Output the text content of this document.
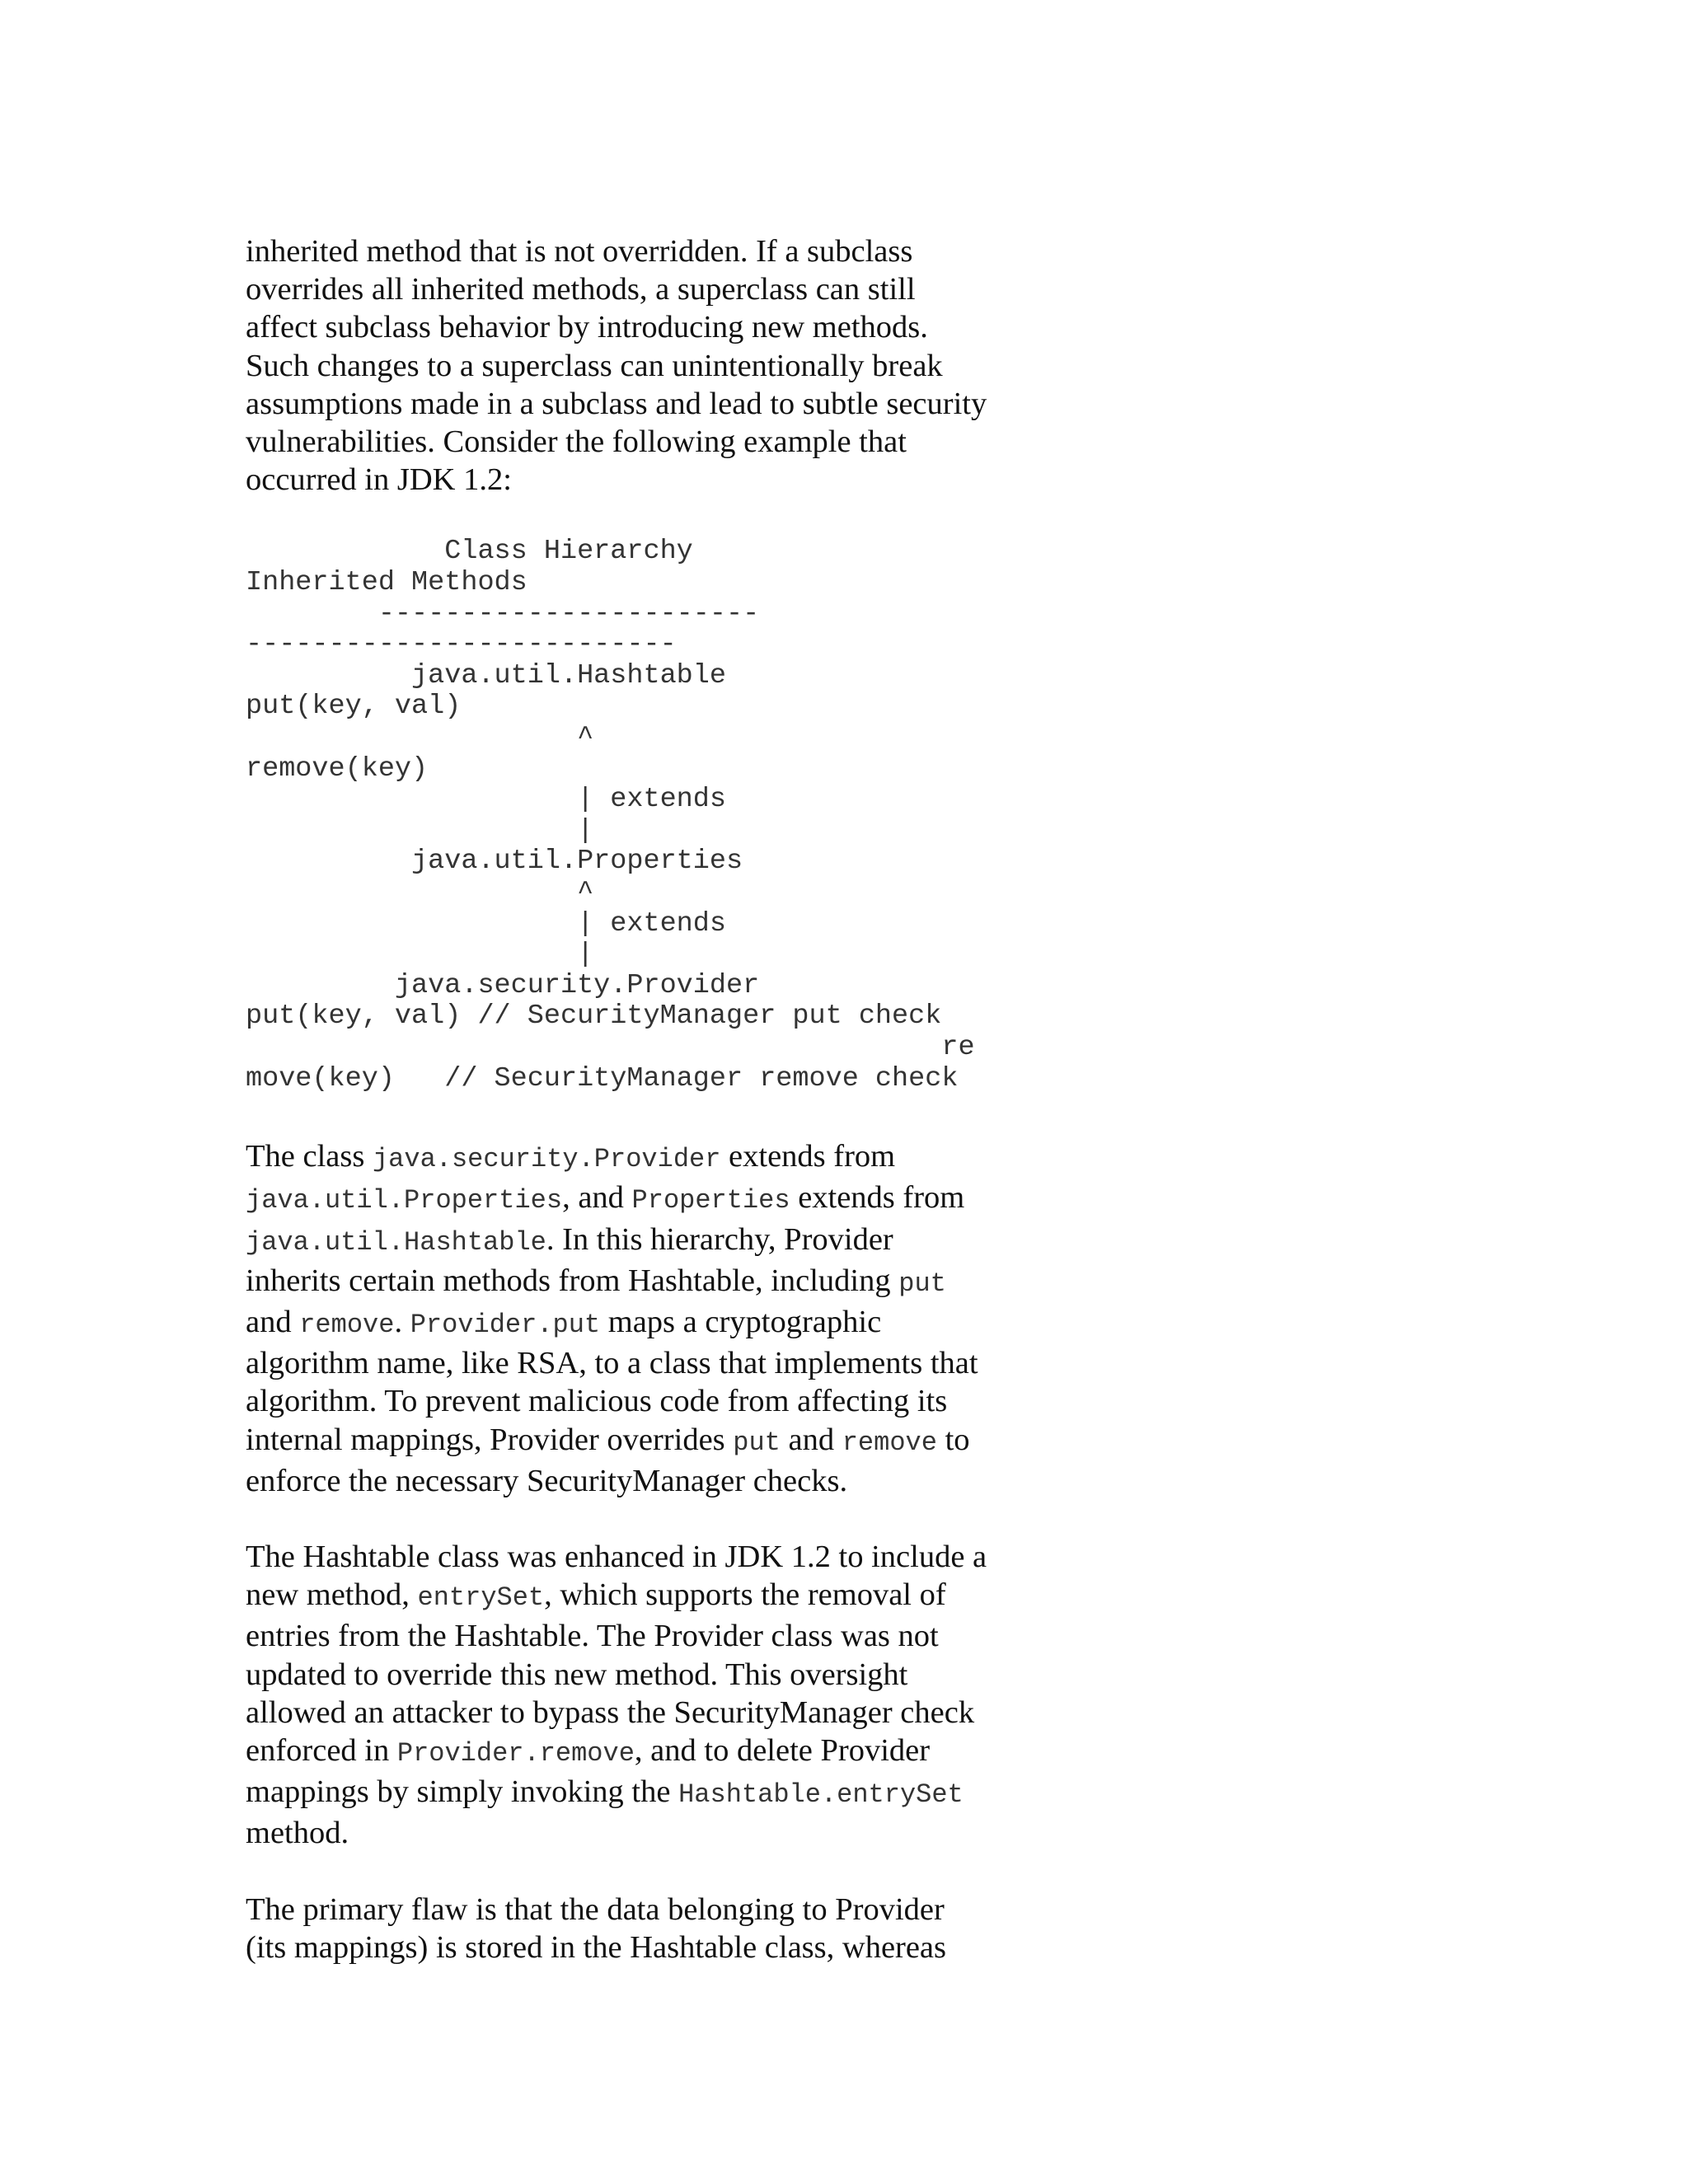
inherited method that is not overridden. If a subclass
overrides all inherited methods, a superclass can still
affect subclass behavior by introducing new methods.
Such changes to a superclass can unintentionally break
assumptions made in a subclass and lead to subtle security
vulnerabilities. Consider the following example that
occurred in JDK 1.2:

Class Hierarchy
Inherited Methods
-----------------------
--------------------------
java.util.Hashtable
put(key, val)
^
remove(key)
| extends
|
java.util.Properties
^
| extends
|
java.security.Provider
put(key, val) // SecurityManager put check
re
move(key)   // SecurityManager remove check

The class java.security.Provider extends from
java.util.Properties, and Properties extends from
java.util.Hashtable. In this hierarchy, Provider
inherits certain methods from Hashtable, including put
and remove. Provider.put maps a cryptographic
algorithm name, like RSA, to a class that implements that
algorithm. To prevent malicious code from affecting its
internal mappings, Provider overrides put and remove to
enforce the necessary SecurityManager checks.

The Hashtable class was enhanced in JDK 1.2 to include a
new method, entrySet, which supports the removal of
entries from the Hashtable. The Provider class was not
updated to override this new method. This oversight
allowed an attacker to bypass the SecurityManager check
enforced in Provider.remove, and to delete Provider
mappings by simply invoking the Hashtable.entrySet
method.

The primary flaw is that the data belonging to Provider
(its mappings) is stored in the Hashtable class, whereas
